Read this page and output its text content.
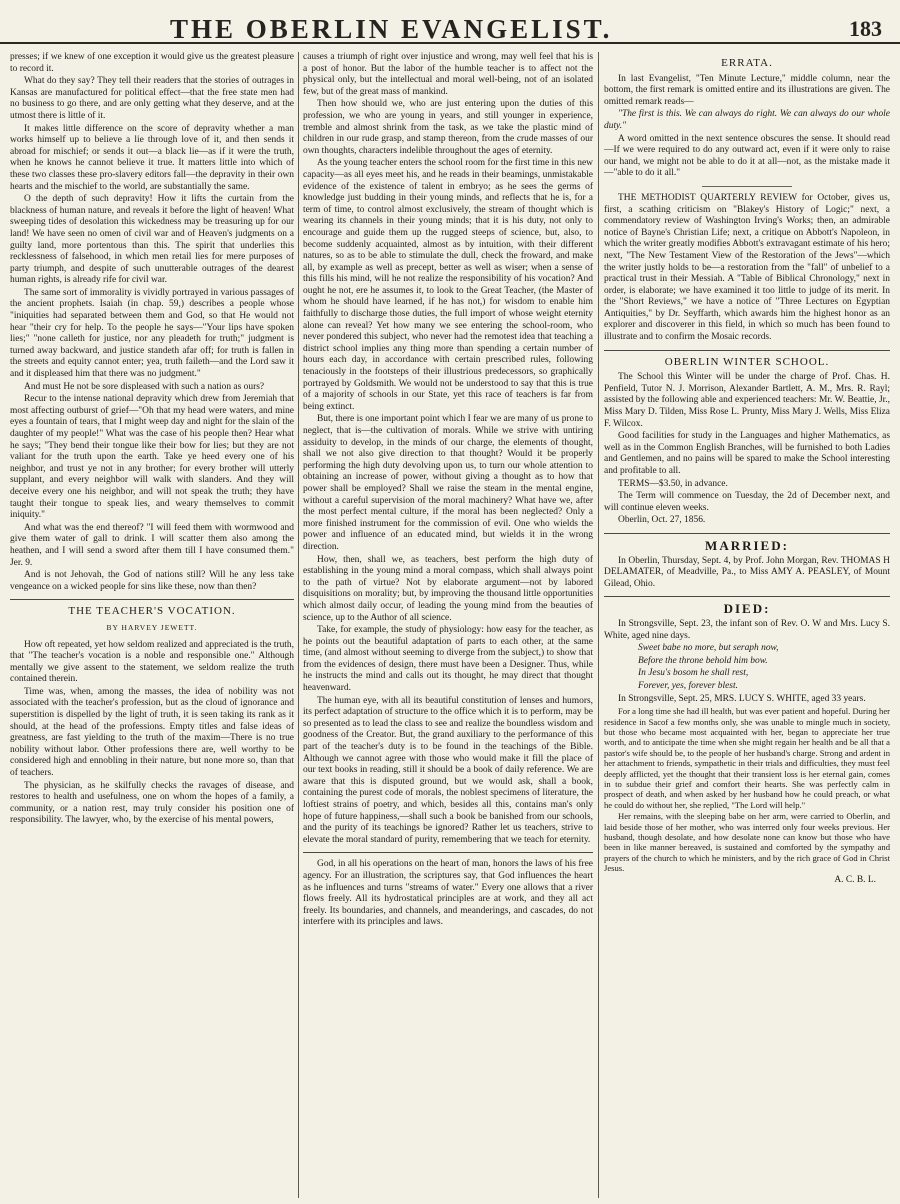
THE OBERLIN EVANGELIST.	183

presses; if we knew of one exception it would give us the greatest pleasure to record it.

What do they say? They tell their readers that the stories of outrages in Kansas are manufactured for political effect—that the free state men had no business to go there, and are only getting what they deserve, and at the utmost there is little of it.

It makes little difference on the score of depravity whether a man works himself up to believe a lie through love of it, and then sends it abroad for mischief; or sends it out—a black lie—as if it were the truth, when he knows he cannot believe it true. It matters little into which of these two classes these pro-slavery editors fall—the depravity in their own hearts and the mischief to the world, are substantially the same.

O the depth of such depravity! How it lifts the curtain from the blackness of human nature, and reveals it before the light of heaven! What sweeping tides of desolation this wickedness may be treasuring up for our land! We have seen no omen of civil war and of Heaven's judgments on a guilty land, more portentous than this. The spirit that underlies this recklessness of falsehood, in which men retail lies for mere purposes of party triumph, and despite of such unutterable outrages of the dearest human rights, is already rife for civil war.

The same sort of immorality is vividly portrayed in various passages of the ancient prophets. Isaiah (in chap. 59,) describes a people whose "iniquities had separated between them and God, so that He would not hear "their cry for help. To the people he says—"Your lips have spoken lies;" "none calleth for justice, nor any pleadeth for truth;" judgment is turned away backward, and justice standeth afar off; for truth is fallen in the streets and equity cannot enter; yea, truth faileth—and the Lord saw it and it displeased him that there was no judgment."

And must He not be sore displeased with such a nation as ours?

Recur to the intense national depravity which drew from Jeremiah that most affecting outburst of grief—"Oh that my head were waters, and mine eyes a fountain of tears, that I might weep day and night for the slain of the daughter of my people!" What was the case of his people then? Hear what he says; "They bend their tongue like their bow for lies; but they are not valiant for the truth upon the earth. Take ye heed every one of his neighbor, and trust ye not in any brother; for every brother will utterly supplant, and every neighbor will walk with slanders. And they will deceive every one his neighbor, and will not speak the truth; they have taught their tongue to speak lies, and weary themselves to commit iniquity."

And what was the end thereof? "I will feed them with wormwood and give them water of gall to drink. I will scatter them also among the heathen, and I will send a sword after them till I have consumed them." Jer. 9.

And is not Jehovah, the God of nations still? Will he any less take vengeance on a wicked people for sins like these, now than then?

THE TEACHER'S VOCATION.
BY HARVEY JEWETT.

How oft repeated, yet how seldom realized and appreciated is the truth, that "The teacher's vocation is a noble and responsible one." Although mentally we give assent to the statement, we seldom realize the truth contained therein.

Time was, when, among the masses, the idea of nobility was not associated with the teacher's profession, but as the cloud of ignorance and superstition is dispelled by the light of truth, it is seen taking its rank as it should, at the head of the professions. Empty titles and false ideas of greatness, are fast yielding to the truth of the maxim—There is no true nobility without labor. Other professions there are, well worthy to be considered high and ennobling in their nature, but none more so, than that of teachers.

The physician, as he skilfully checks the ravages of disease, and restores to health and usefulness, one on whom the hopes of a family, a community, or a nation rest, may truly consider his position one of responsibility. The lawyer, who, by the exercise of his mental powers,

causes a triumph of right over injustice and wrong, may well feel that his is a post of honor. But the labor of the humble teacher is to affect not the physical only, but the intellectual and moral well-being, not of an isolated few, but of the great mass of mankind.

Then how should we, who are just entering upon the duties of this profession, we who are young in years, and still younger in experience, tremble and almost shrink from the task, as we take the plastic mind of children in our rude grasp, and stamp thereon, from the crude masses of our own thoughts, characters indelible throughout the ages of eternity.

As the young teacher enters the school room for the first time in this new capacity—as all eyes meet his, and he reads in their beamings, unmistakable evidence of the existence of talent in embryo; as he sees the germs of knowledge just budding in their young minds, and reflects that he is, for a term of time, to control almost exclusively, the stream of thought which is wearing its channels in their young minds; that it is his duty, not only to encourage and guide them up the rugged steeps of science, but, also, to become suddenly acquainted, almost as by intuition, with their different natures, so as to be able to stimulate the dull, check the froward, and make all, by example as well as precept, better as well as wiser; when a sense of this fills his mind, will he not realize the responsibility of his vocation? And ought he not, ere he assumes it, to look to the Great Teacher, (the Master of whom he should have learned, if he has not,) for wisdom to enable him faithfully to discharge those duties, the full import of whose weight eternity alone can reveal? Yet how many we see entering the school-room, who never pondered this subject, who never had the remotest idea that teaching a district school implies any thing more than spending a certain number of hours each day, in accordance with certain prescribed rules, following tenaciously in the footsteps of their illustrious predecessors, so graphically portrayed by Goldsmith. We would not be understood to say that this is true of a majority of schools in our State, yet this race of teachers is far from being extinct.

But, there is one important point which I fear we are many of us prone to neglect, that is—the cultivation of morals. While we strive with untiring assiduity to develop, in the minds of our charge, the elements of thought, shall we not also give direction to that thought? Would it be properly performing the high duty devolving upon us, to turn our whole attention to obtaining an increase of power, without giving a thought as to how that power shall be employed? Shall we raise the steam in the mental engine, without a careful supervision of the moral machinery? What have we, after the most perfect mental culture, if the moral has been neglected? Only a more finished instrument for the commission of evil. One who wields the power and influence of an educated mind, but wields it in the wrong direction.

How, then, shall we, as teachers, best perform the high duty of establishing in the young mind a moral compass, which shall always point to the path of virtue? Not by elaborate argument—not by labored disquisitions on morality; but, by improving the thousand little opportunities which almost daily occur, of leading the young mind from the beauties of science, up to the Author of all science.

Take, for example, the study of physiology: how easy for the teacher, as he points out the beautiful adaptation of parts to each other, at the same time, (and almost without seeming to diverge from the subject,) to show that from the evidences of design, there must have been a Designer. Thus, while he instructs the mind and calls out its thought, he may direct that thought heavenward.

The human eye, with all its beautiful constitution of lenses and humors, its perfect adaptation of structure to the office which it is to perform, may be so presented as to lead the class to see and realize the boundless wisdom and goodness of the Creator. But, the grand auxiliary to the performance of this part of the teacher's duty is to be found in the teachings of the Bible. Although we cannot agree with those who would make it fill the place of our text books in reading, still it should be a book of daily reference. We are aware that this is disputed ground, but we would ask, shall a book, containing the purest code of morals, the noblest specimens of literature, the loftiest strains of poetry, and which, besides all this, contains man's only hope of future happiness,—shall such a book be banished from our schools, and the purity of its teachings be ignored? Rather let us teachers, strive to elevate the moral standard of purity, remembering that we teach for eternity.

God, in all his operations on the heart of man, honors the laws of his free agency. For an illustration, the scriptures say, that God influences the heart as he influences and turns "streams of water." Every one allows that a river flows freely. All its hydrostatical principles are at work, and they all act freely. Its boundaries, and channels, and meanderings, and cascades, do not interfere with its principles and laws.

ERRATA.

In last Evangelist, "Ten Minute Lecture," middle column, near the bottom, the first remark is omitted entire and its illustrations are given. The omitted remark reads—

"The first is this. We can always do right. We can always do our whole duty."

A word omitted in the next sentence obscures the sense. It should read—If we were required to do any outward act, even if it were only to raise our hand, we might not be able to do it at all—not, as the mistake made it—"able to do it all."

THE METHODIST QUARTERLY REVIEW for October, gives us, first, a scathing criticism on "Blakey's History of Logic;" next, a commendatory review of Washington Irving's Works; then, an admirable notice of Bayne's Christian Life; next, a critique on Abbott's Napoleon, in which the writer greatly modifies Abbott's extravagant estimate of his hero; next, "The New Testament View of the Restoration of the Jews"—which the writer justly holds to be—a restoration from the "fall" of unbelief to a practical trust in their Messiah. A "Table of Biblical Chronology," next in order, is elaborate; we have examined it too little to judge of its merit. In the "Short Reviews," we have a notice of "Three Lectures on Egyptian Antiquities," by Dr. Seyffarth, which awards him the highest honor as an explorer and discoverer in this field, in which so much has been found to illustrate and to confirm the Mosaic records.

OBERLIN WINTER SCHOOL.

The School this Winter will be under the charge of Prof. Chas. H. Penfield, Tutor N. J. Morrison, Alexander Bartlett, A. M., Mrs. R. Rayl; assisted by the following able and experienced teachers: Mr. W. Beattie, Jr., Miss Mary D. Tilden, Miss Rose L. Prunty, Miss Mary J. Wells, Miss Eliza F. Wilcox.

Good facilities for study in the Languages and higher Mathematics, as well as in the Common English Branches, will be furnished to both Ladies and Gentlemen, and no pains will be spared to make the School interesting and profitable to all.

TERMS—$3.50, in advance.

The Term will commence on Tuesday, the 2d of December next, and will continue eleven weeks.

Oberlin, Oct. 27, 1856.

MARRIED:

In Oberlin, Thursday, Sept. 4, by Prof. John Morgan, Rev. THOMAS H DELAMATER, of Meadville, Pa., to Miss AMY A. PEASLEY, of Mount Gilead, Ohio.

DIED:

In Strongsville, Sept. 23, the infant son of Rev. O. W and Mrs. Lucy S. White, aged nine days.

Sweet babe no more, but seraph now,
Before the throne behold him bow.
In Jesu's bosom he shall rest,
Forever, yes, forever blest.

In Strongsville, Sept. 25, MRS. LUCY S. WHITE, aged 33 years.

For a long time she had ill health, but was ever patient and hopeful. During her residence in Sacof a few months only, she was unable to mingle much in society, but those who became most acquainted with her, began to appreciate her true worth, and to anticipate the time when she might regain her health and be all that a pastor's wife should be, to the people of her husband's charge. Strong and ardent in her attachment to friends, sympathetic in their trials and difficulties, they must feel deeply afflicted, yet the thought that their transient loss is her eternal gain, comes in to subdue their grief and comfort their hearts. She was perfectly calm in prospect of death, and when asked by her husband how he could preach, or what he could do without her, she replied, "The Lord will help."

Her remains, with the sleeping babe on her arm, were carried to Oberlin, and laid beside those of her mother, who was interred only four weeks previous. Her husband, though desolate, and how desolate none can know but those who have been in like manner bereaved, is sustained and comforted by the sympathy and prayers of the church to which he ministers, and by the rich grace of God in Christ Jesus.

A. C. B. L.
